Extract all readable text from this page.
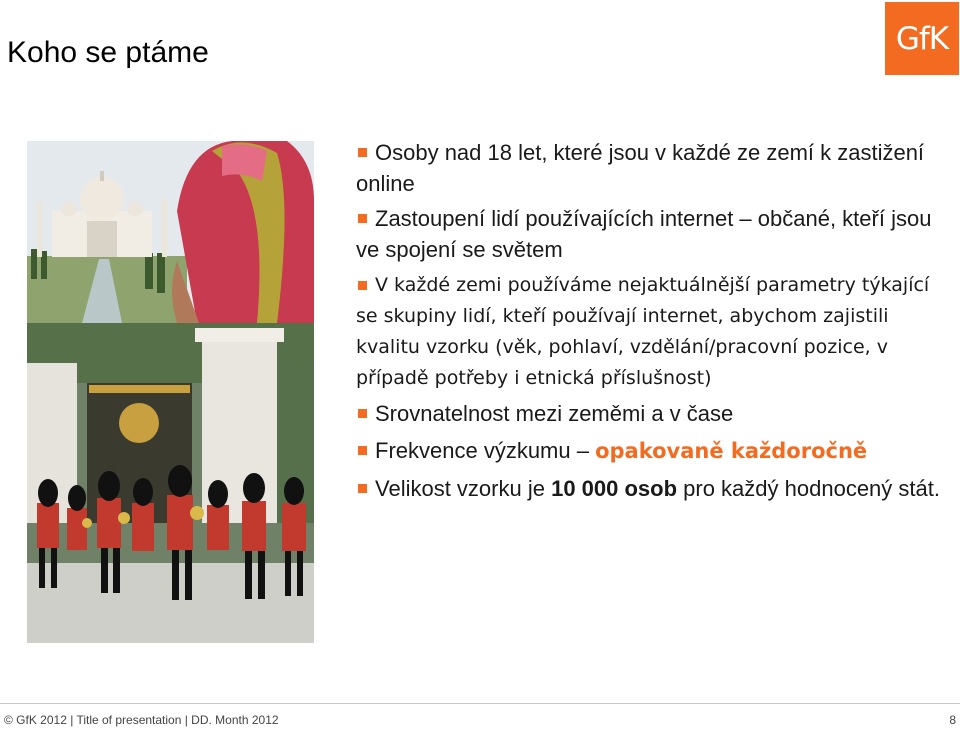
Koho se ptáme	GfK
Osoby nad 18 let, které jsou v každé ze zemí k zastižení online
Zastoupení lidí používajících internet – občané, kteří jsou ve spojení se světem
V každé zemi používáme nejaktuálnější parametry týkající se skupiny lidí, kteří používají internet, abychom zajistili kvalitu vzorku (věk, pohlaví, vzdělání/pracovní pozice, v případě potřeby i etnická příslušnost)
Srovnatelnost mezi zeměmi a v čase
Frekvence výzkumu – opakovaně každoročně
Velikost vzorku je 10 000 osob pro každý hodnocený stát.
© GfK 2012 | Title of presentation | DD. Month 2012	8
